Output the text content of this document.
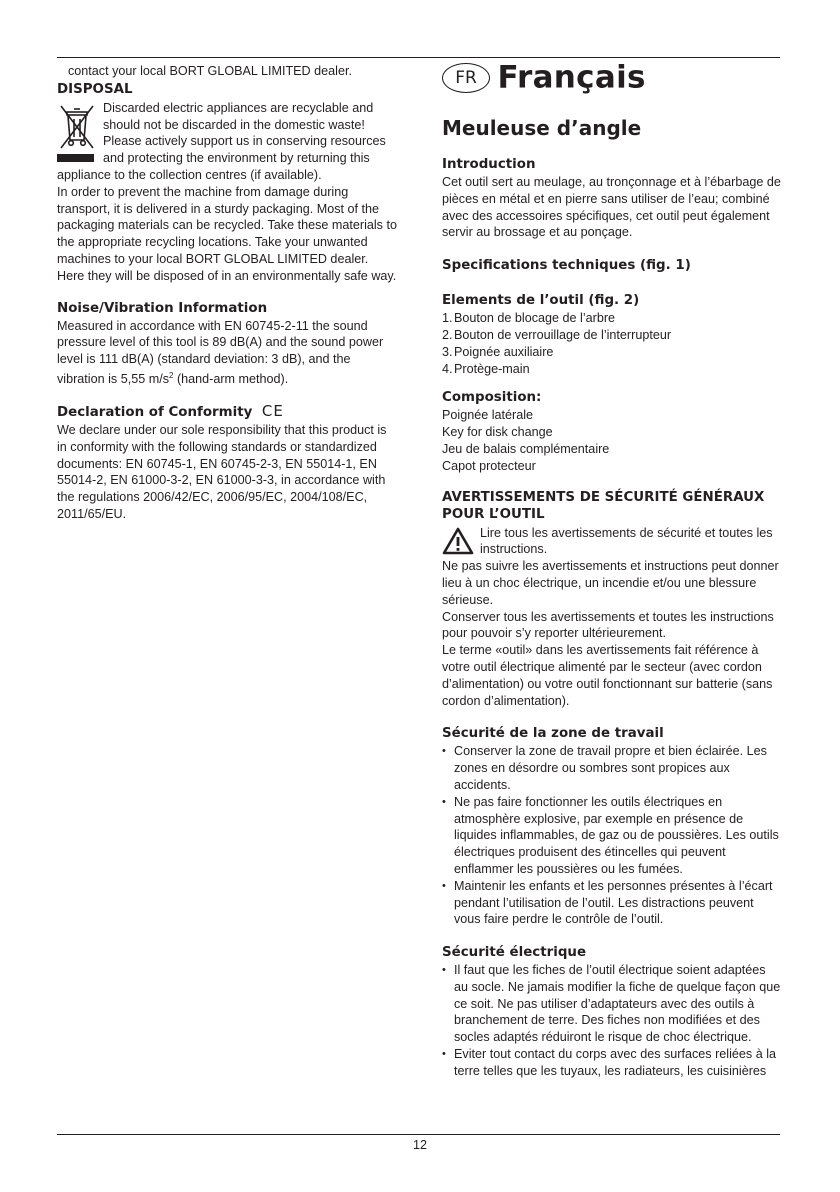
contact your local BORT GLOBAL LIMITED dealer.

DISPOSAL

Discarded electric appliances are recyclable and

should not be discarded in the domestic waste!

Please actively support us in conserving resources

and protecting the environment by returning this

appliance to the collection centres (if available).

In order to prevent the machine from damage during transport, it is delivered in a sturdy packaging. Most of the packaging materials can be recycled. Take these materials to the appropriate recycling locations. Take your unwanted machines to your local BORT GLOBAL LIMITED dealer. Here they will be disposed of in an environmentally safe way.

Noise/Vibration Information

Measured in accordance with EN 60745-2-11 the sound pressure level of this tool is 89 dB(A) and the sound power level is 111 dB(A) (standard deviation: 3 dB), and the vibration is 5,55 $m/s^2$ (hand-arm method).

Declaration of Conformity CE

We declare under our sole responsibility that this product is in conformity with the following standards or standardized documents: EN 60745-1, EN 60745-2-3, EN 55014-1, EN 55014-2, EN 61000-3-2, EN 61000-3-3, in accordance with the regulations 2006/42/EC, 2006/95/EC, 2004/108/EC, 2011/65/EU.

FR Français
Meuleuse d’angle
Introduction

Cet outil sert au meulage, au tronçonnage et à l’ébarbage de pièces en métal et en pierre sans utiliser de l’eau; combiné avec des accessoires spécifiques, cet outil peut également servir au brossage et au ponçage.

Specifications techniques (fig. 1)
Elements de l’outil (fig. 2)
1. Bouton de blocage de l’arbre
2. Bouton de verrouillage de l’interrupteur
3. Poignée auxiliaire
4. Protège-main
Composition:
Poignée latérale
Key for disk change
Jeu de balais complémentaire
Capot protecteur
AVERTISSEMENTS DE SÉCURITÉ GÉNÉRAUX POUR L’OUTIL

Lire tous les avertissements de sécurité et toutes les instructions.

Ne pas suivre les avertissements et instructions peut donner lieu à un choc électrique, un incendie et/ou une blessure sérieuse.

Conserver tous les avertissements et toutes les instructions pour pouvoir s’y reporter ultérieurement.

Le terme «outil» dans les avertissements fait référence à votre outil électrique alimenté par le secteur (avec cordon d’alimentation) ou votre outil fonctionnant sur batterie (sans cordon d’alimentation).

Sécurité de la zone de travail
• Conserver la zone de travail propre et bien éclairée. Les zones en désordre ou sombres sont propices aux accidents.
• Ne pas faire fonctionner les outils électriques en atmosphère explosive, par exemple en présence de liquides inflammables, de gaz ou de poussières. Les outils électriques produisent des étincelles qui peuvent enflammer les poussières ou les fumées.
• Maintenir les enfants et les personnes présentes à l’écart pendant l’utilisation de l’outil. Les distractions peuvent vous faire perdre le contrôle de l’outil.
Sécurité électrique
• Il faut que les fiches de l’outil électrique soient adaptées au socle. Ne jamais modifier la fiche de quelque façon que ce soit. Ne pas utiliser d’adaptateurs avec des outils à branchement de terre. Des fiches non modifiées et des socles adaptés réduiront le risque de choc électrique.
• Eviter tout contact du corps avec des surfaces reliées à la terre telles que les tuyaux, les radiateurs, les cuisinières
12
